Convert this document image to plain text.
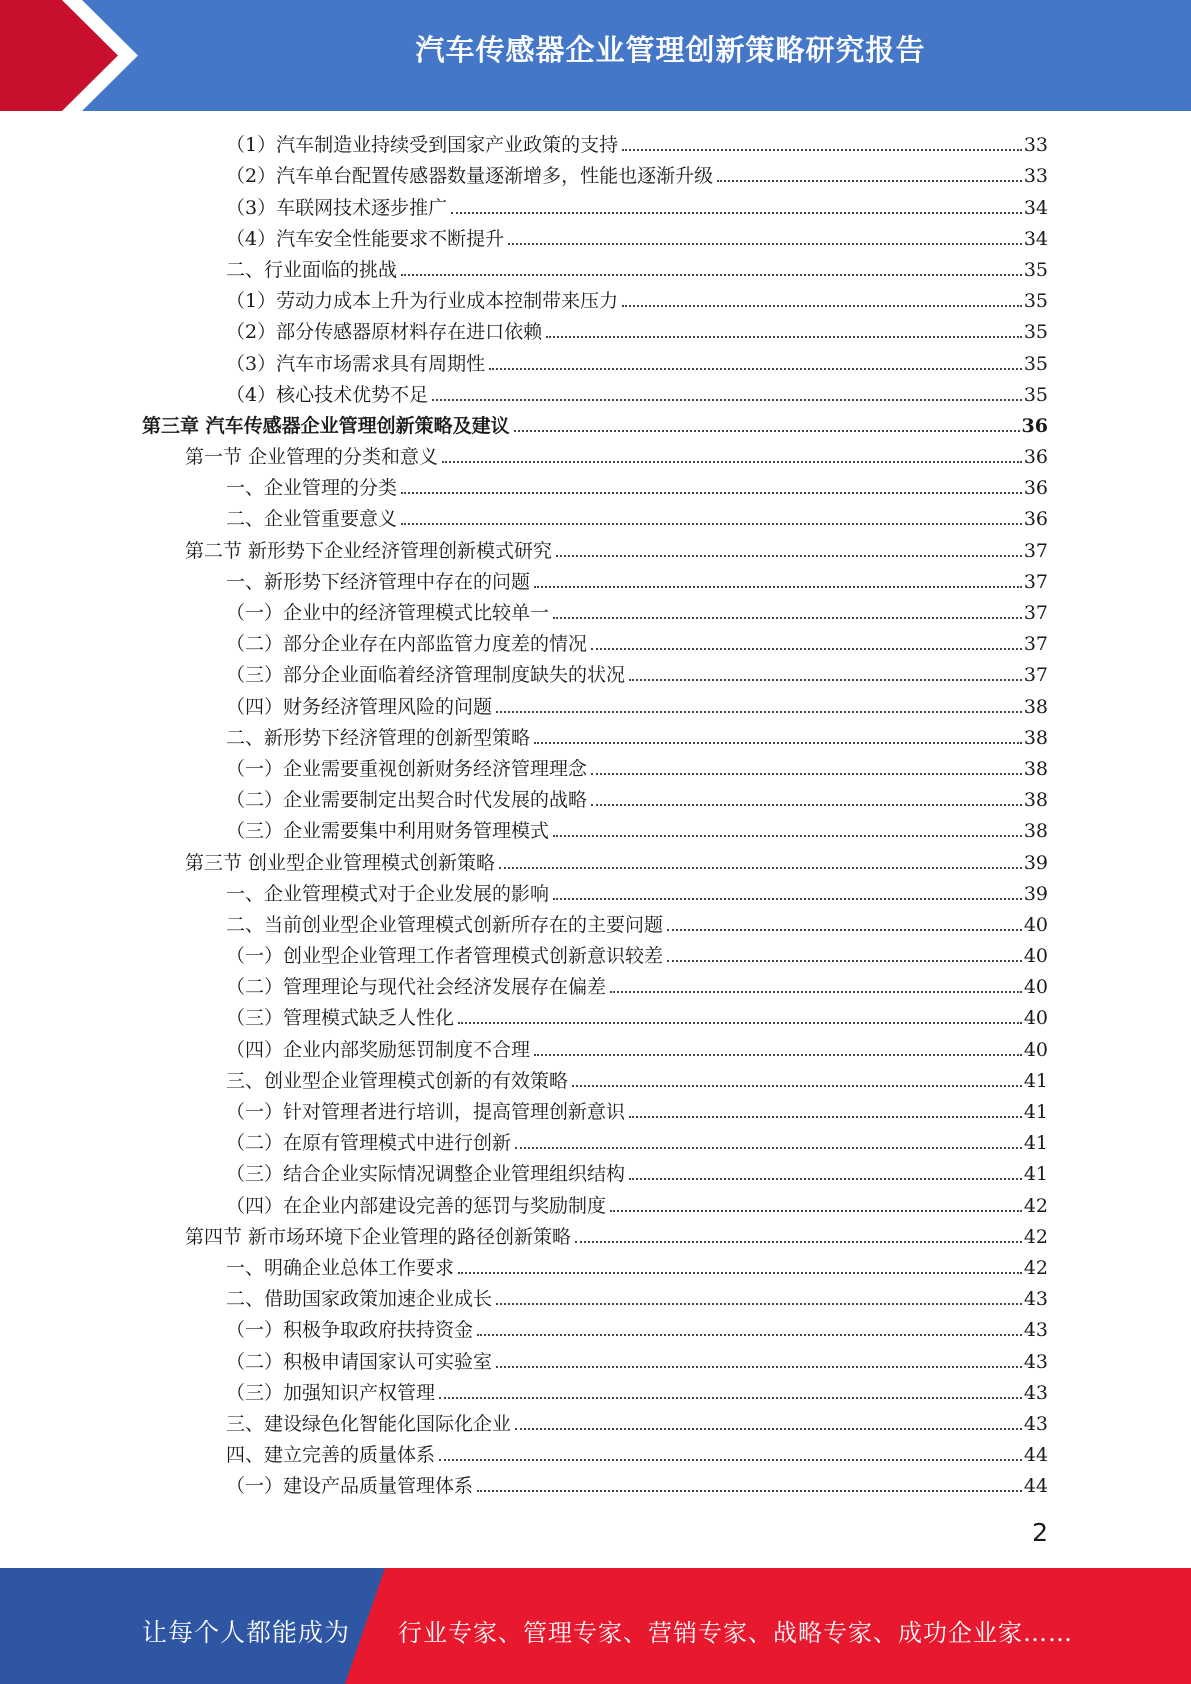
汽车传感器企业管理创新策略研究报告
（1）汽车制造业持续受到国家产业政策的支持	33
（2）汽车单台配置传感器数量逐渐增多，性能也逐渐升级	33
（3）车联网技术逐步推广	34
（4）汽车安全性能要求不断提升	34
二、行业面临的挑战	35
（1）劳动力成本上升为行业成本控制带来压力	35
（2）部分传感器原材料存在进口依赖	35
（3）汽车市场需求具有周期性	35
（4）核心技术优势不足	35
第三章 汽车传感器企业管理创新策略及建议	36
第一节 企业管理的分类和意义	36
一、企业管理的分类	36
二、企业管重要意义	36
第二节 新形势下企业经济管理创新模式研究	37
一、新形势下经济管理中存在的问题	37
（一）企业中的经济管理模式比较单一	37
（二）部分企业存在内部监管力度差的情况	37
（三）部分企业面临着经济管理制度缺失的状况	37
（四）财务经济管理风险的问题	38
二、新形势下经济管理的创新型策略	38
（一）企业需要重视创新财务经济管理理念	38
（二）企业需要制定出契合时代发展的战略	38
（三）企业需要集中利用财务管理模式	38
第三节 创业型企业管理模式创新策略	39
一、企业管理模式对于企业发展的影响	39
二、当前创业型企业管理模式创新所存在的主要问题	40
（一）创业型企业管理工作者管理模式创新意识较差	40
（二）管理理论与现代社会经济发展存在偏差	40
（三）管理模式缺乏人性化	40
（四）企业内部奖励惩罚制度不合理	40
三、创业型企业管理模式创新的有效策略	41
（一）针对管理者进行培训，提高管理创新意识	41
（二）在原有管理模式中进行创新	41
（三）结合企业实际情况调整企业管理组织结构	41
（四）在企业内部建设完善的惩罚与奖励制度	42
第四节 新市场环境下企业管理的路径创新策略	42
一、明确企业总体工作要求	42
二、借助国家政策加速企业成长	43
（一）积极争取政府扶持资金	43
（二）积极申请国家认可实验室	43
（三）加强知识产权管理	43
三、建设绿色化智能化国际化企业	43
四、建立完善的质量体系	44
（一）建设产品质量管理体系	44
2
让每个人都能成为 行业专家、管理专家、营销专家、战略专家、成功企业家……
